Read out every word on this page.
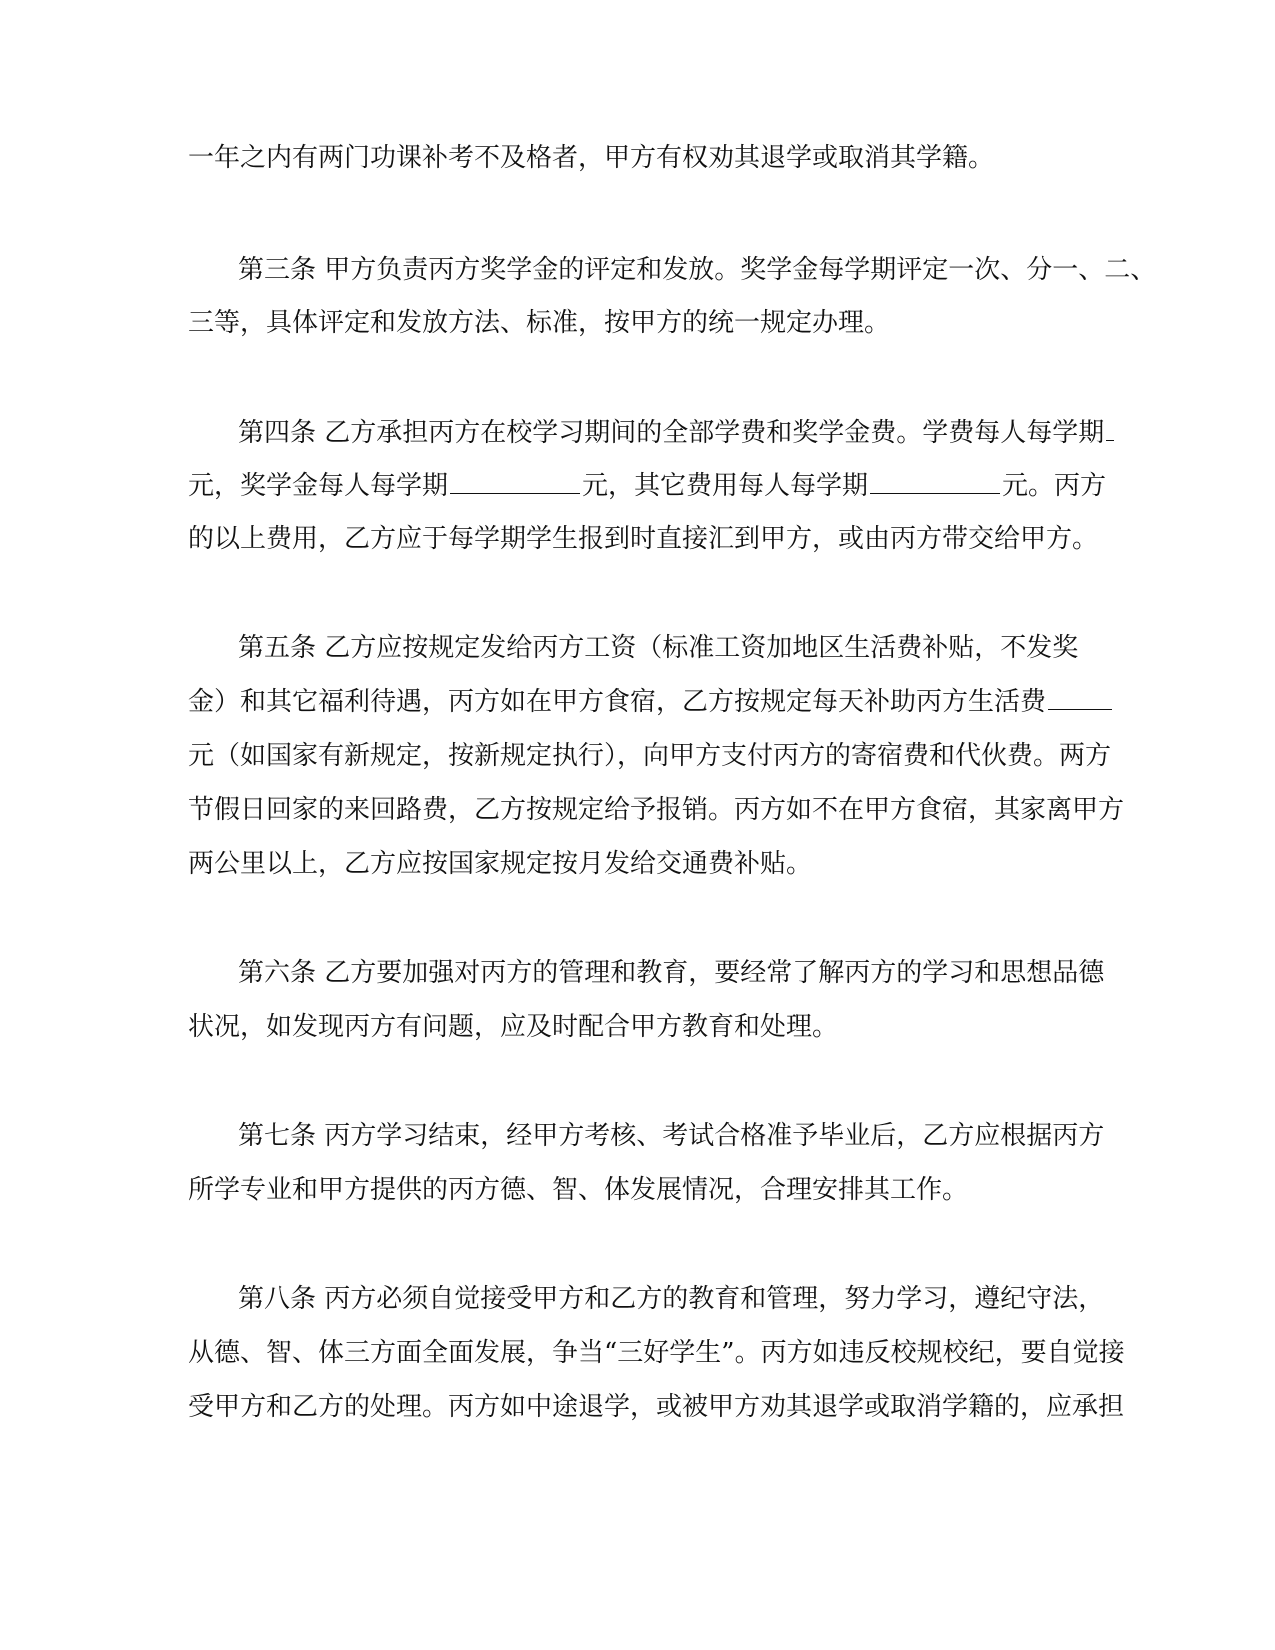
一年之内有两门功课补考不及格者，甲方有权劝其退学或取消其学籍。
第三条 甲方负责丙方奖学金的评定和发放。奖学金每学期评定一次、分一、二、
三等，具体评定和发放方法、标准，按甲方的统一规定办理。
第四条 乙方承担丙方在校学习期间的全部学费和奖学金费。学费每人每学期
元，奖学金每人每学期	元，其它费用每人每学期	元。丙方
的以上费用，乙方应于每学期学生报到时直接汇到甲方，或由丙方带交给甲方。
第五条 乙方应按规定发给丙方工资（标准工资加地区生活费补贴，不发奖
金）和其它福利待遇，丙方如在甲方食宿，乙方按规定每天补助丙方生活费
元（如国家有新规定，按新规定执行），向甲方支付丙方的寄宿费和代伙费。两方
节假日回家的来回路费，乙方按规定给予报销。丙方如不在甲方食宿，其家离甲方
两公里以上，乙方应按国家规定按月发给交通费补贴。
第六条 乙方要加强对丙方的管理和教育，要经常了解丙方的学习和思想品德
状况，如发现丙方有问题，应及时配合甲方教育和处理。
第七条 丙方学习结束，经甲方考核、考试合格准予毕业后，乙方应根据丙方
所学专业和甲方提供的丙方德、智、体发展情况，合理安排其工作。
第八条 丙方必须自觉接受甲方和乙方的教育和管理，努力学习，遵纪守法，
从德、智、体三方面全面发展，争当“三好学生”。丙方如违反校规校纪，要自觉接
受甲方和乙方的处理。丙方如中途退学，或被甲方劝其退学或取消学籍的，应承担
